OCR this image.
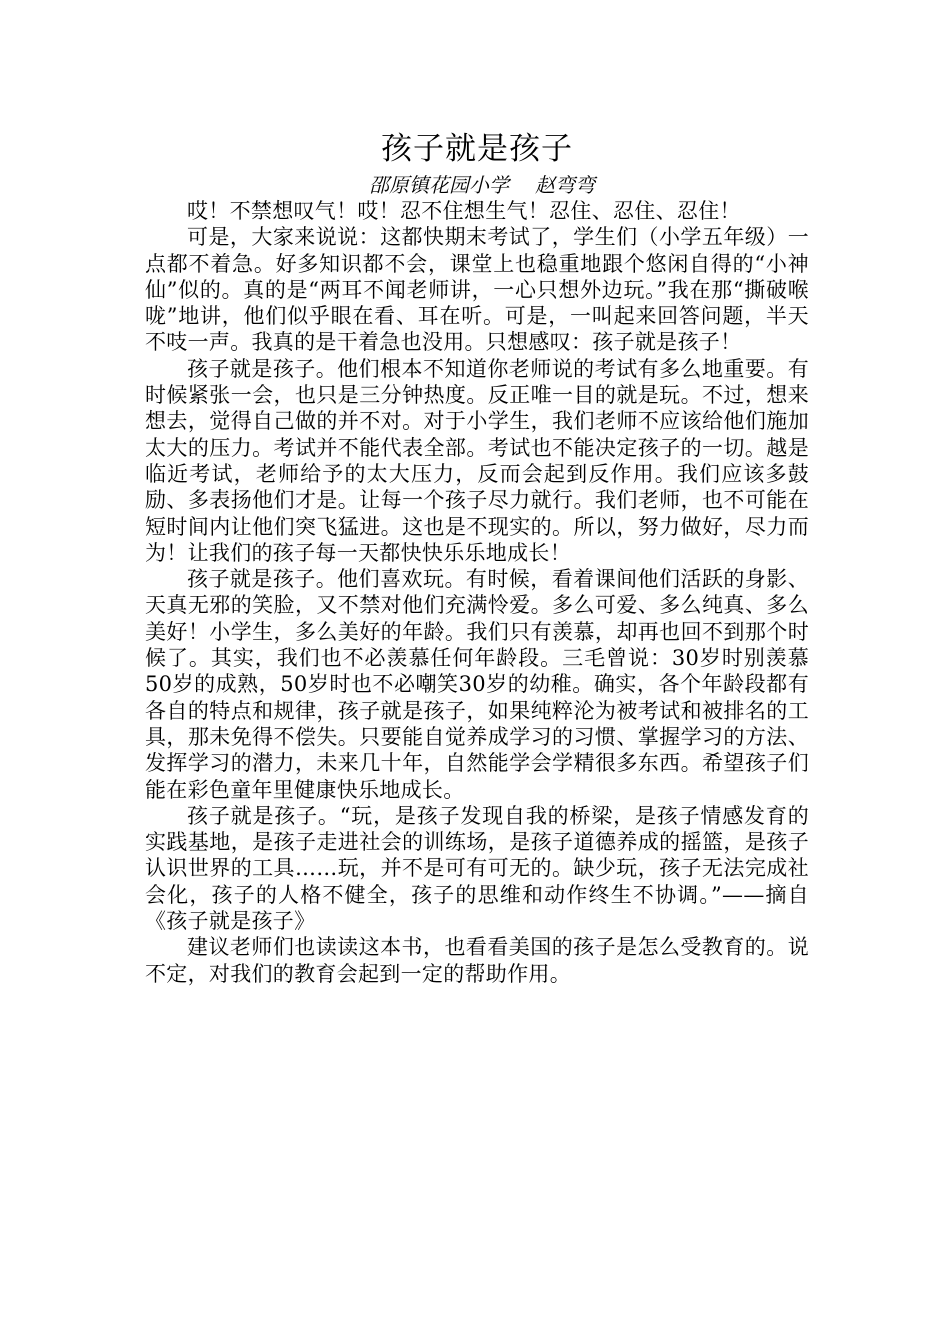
孩子就是孩子

邵原镇花园小学 赵弯弯

哎！不禁想叹气！哎！忍不住想生气！忍住、忍住、忍住！

可是，大家来说说：这都快期末考试了，学生们（小学五年级）一点都不着急。好多知识都不会，课堂上也稳重地跟个悠闲自得的“小神仙”似的。真的是“两耳不闻老师讲，一心只想外边玩。”我在那“撕破喉咙”地讲，他们似乎眼在看、耳在听。可是，一叫起来回答问题，半天不吱一声。我真的是干着急也没用。只想感叹：孩子就是孩子！

孩子就是孩子。他们根本不知道你老师说的考试有多么地重要。有时候紧张一会，也只是三分钟热度。反正唯一目的就是玩。不过，想来想去，觉得自己做的并不对。对于小学生，我们老师不应该给他们施加太大的压力。考试并不能代表全部。考试也不能决定孩子的一切。越是临近考试，老师给予的太大压力，反而会起到反作用。我们应该多鼓励、多表扬他们才是。让每一个孩子尽力就行。我们老师，也不可能在短时间内让他们突飞猛进。这也是不现实的。所以，努力做好，尽力而为！让我们的孩子每一天都快快乐乐地成长！

孩子就是孩子。他们喜欢玩。有时候，看着课间他们活跃的身影、天真无邪的笑脸，又不禁对他们充满怜爱。多么可爱、多么纯真、多么美好！小学生，多么美好的年龄。我们只有羡慕，却再也回不到那个时候了。其实，我们也不必羡慕任何年龄段。三毛曾说：30岁时别羡慕50岁的成熟，50岁时也不必嘲笑30岁的幼稚。确实，各个年龄段都有各自的特点和规律，孩子就是孩子，如果纯粹沦为被考试和被排名的工具，那未免得不偿失。只要能自觉养成学习的习惯、掌握学习的方法、发挥学习的潜力，未来几十年，自然能学会学精很多东西。希望孩子们能在彩色童年里健康快乐地成长。

孩子就是孩子。“玩，是孩子发现自我的桥梁，是孩子情感发育的实践基地，是孩子走进社会的训练场，是孩子道德养成的摇篮，是孩子认识世界的工具……玩，并不是可有可无的。缺少玩，孩子无法完成社会化，孩子的人格不健全，孩子的思维和动作终生不协调。”——摘自《孩子就是孩子》

建议老师们也读读这本书，也看看美国的孩子是怎么受教育的。说不定，对我们的教育会起到一定的帮助作用。
